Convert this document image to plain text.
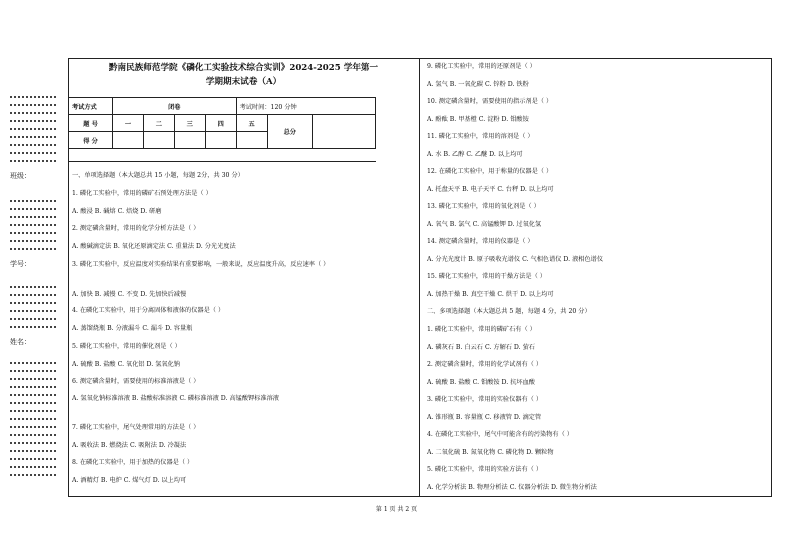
班级：
学号：
姓名：
黔南民族师范学院《磷化工实验技术综合实训》2024-2025 学年第一
学期期末试卷（A）
考试方式	闭卷				考试时间：120 分钟		
题 号	一	二	三	四	五	总分	
得 分							
一、单项选择题（本大题总共 15 小题，每题 2分，共 30 分）
1. 磷化工实验中，常用的磷矿石预处理方法是（ ）
A. 酸浸 B. 碱熔 C. 焙烧 D. 研磨
2. 测定磷含量时，常用的化学分析方法是（ ）
A. 酸碱滴定法 B. 氧化还原滴定法 C. 重量法 D. 分光光度法
3. 磷化工实验中，反应温度对实验结果有重要影响，一般来说，反应温度升高，反应速率（ ）
A. 加快 B. 减慢 C. 不变 D. 先加快后减慢
4. 在磷化工实验中，用于分离固体和液体的仪器是（ ）
A. 蒸馏烧瓶 B. 分液漏斗 C. 漏斗 D. 容量瓶
5. 磷化工实验中，常用的催化剂是（ ）
A. 硫酸 B. 盐酸 C. 氧化铝 D. 氢氧化钠
6. 测定磷含量时，需要使用的标准溶液是（ ）
A. 氢氧化钠标准溶液 B. 盐酸标准溶液 C. 磷标准溶液 D. 高锰酸钾标准溶液
7. 磷化工实验中，尾气处理常用的方法是（ ）
A. 吸收法 B. 燃烧法 C. 吸附法 D. 冷凝法
8. 在磷化工实验中，用于加热的仪器是（ ）
A. 酒精灯 B. 电炉 C. 煤气灯 D. 以上均可
9. 磷化工实验中，常用的还原剂是（ ）
A. 氢气 B. 一氧化碳 C. 锌粉 D. 铁粉
10. 测定磷含量时，需要使用的指示剂是（ ）
A. 酚酞 B. 甲基橙 C. 淀粉 D. 钼酸铵
11. 磷化工实验中，常用的溶剂是（ ）
A. 水 B. 乙醇 C. 乙醚 D. 以上均可
12. 在磷化工实验中，用于称量的仪器是（ ）
A. 托盘天平 B. 电子天平 C. 台秤 D. 以上均可
13. 磷化工实验中，常用的氧化剂是（ ）
A. 氧气 B. 氯气 C. 高锰酸钾 D. 过氧化氢
14. 测定磷含量时，常用的仪器是（ ）
A. 分光光度计 B. 原子吸收光谱仪 C. 气相色谱仪 D. 液相色谱仪
15. 磷化工实验中，常用的干燥方法是（ ）
A. 加热干燥 B. 真空干燥 C. 烘干 D. 以上均可
二、多项选择题（本大题总共 5 题，每题 4 分，共 20 分）
1. 磷化工实验中，常用的磷矿石有（ ）
A. 磷灰石 B. 白云石 C. 方解石 D. 萤石
2. 测定磷含量时，常用的化学试剂有（ ）
A. 硫酸 B. 盐酸 C. 钼酸铵 D. 抗坏血酸
3. 磷化工实验中，常用的实验仪器有（ ）
A. 锥形瓶 B. 容量瓶 C. 移液管 D. 滴定管
4. 在磷化工实验中，尾气中可能含有的污染物有（ ）
A. 二氧化硫 B. 氮氧化物 C. 磷化物 D. 颗粒物
5. 磷化工实验中，常用的实验方法有（ ）
A. 化学分析法 B. 物理分析法 C. 仪器分析法 D. 微生物分析法
第 1 页 共 2 页
